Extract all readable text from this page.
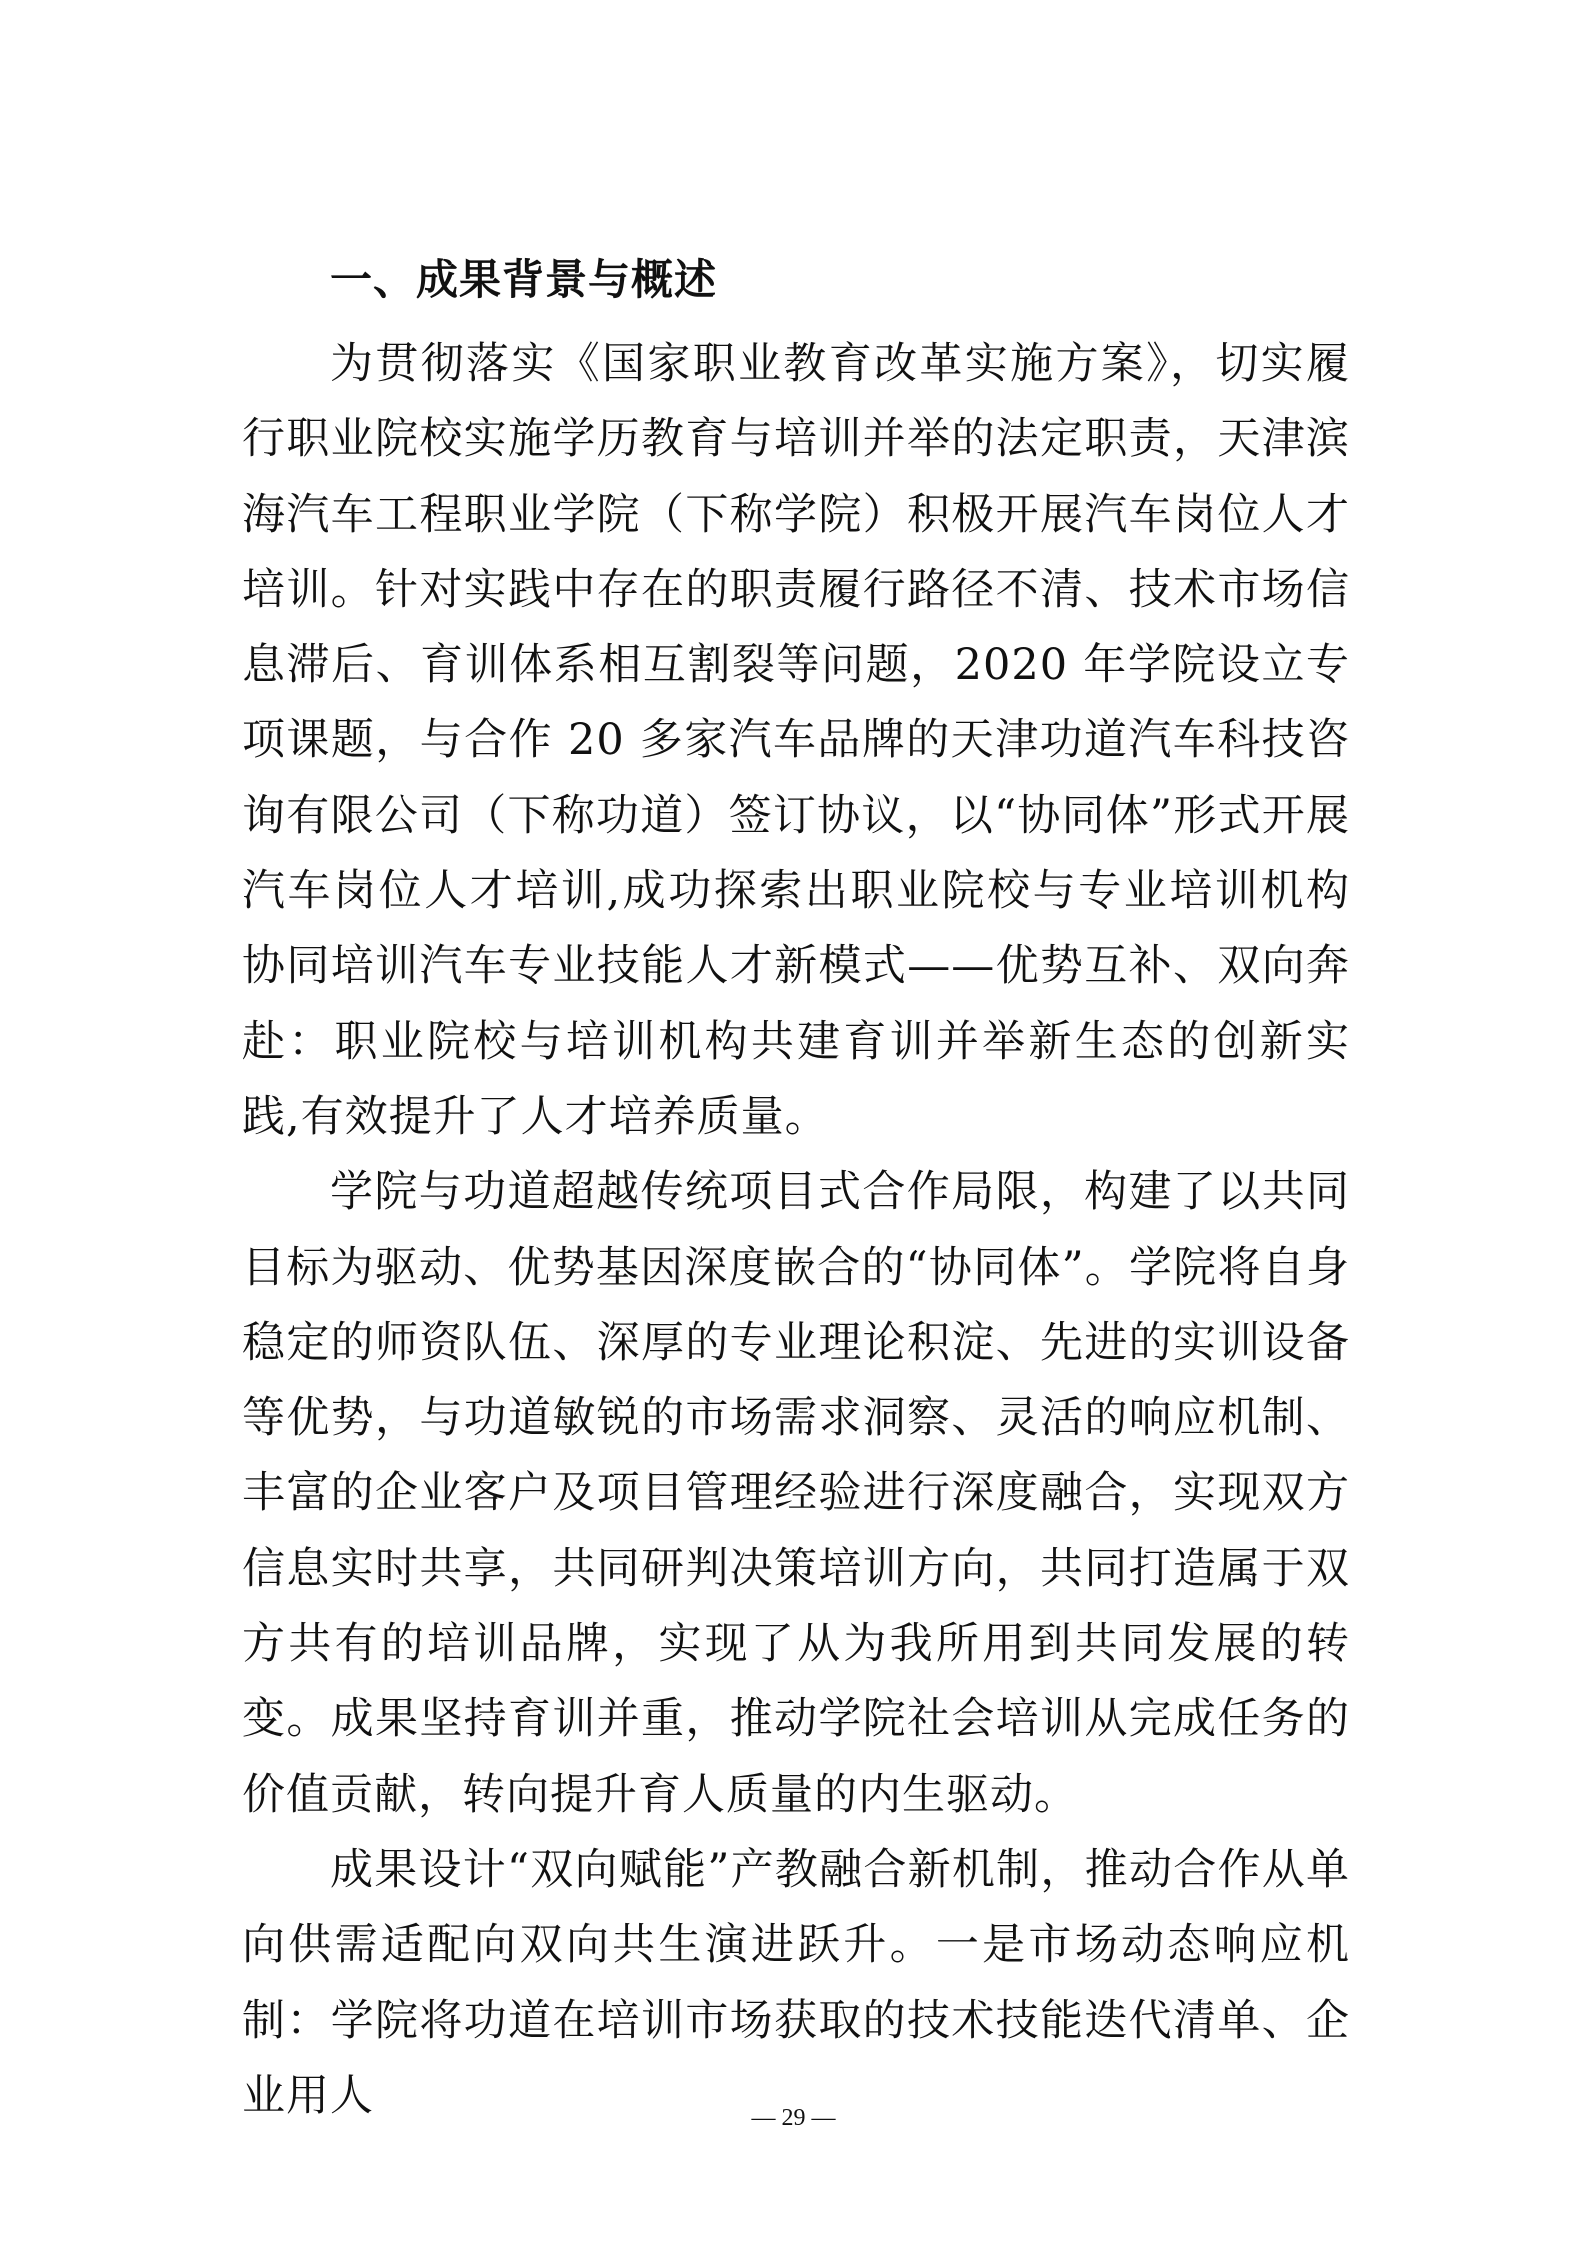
一、成果背景与概述

为贯彻落实《国家职业教育改革实施方案》，切实履行职业院校实施学历教育与培训并举的法定职责，天津滨海汽车工程职业学院（下称学院）积极开展汽车岗位人才培训。针对实践中存在的职责履行路径不清、技术市场信息滞后、育训体系相互割裂等问题，2020 年学院设立专项课题，与合作 20 多家汽车品牌的天津功道汽车科技咨询有限公司（下称功道）签订协议，以“协同体”形式开展汽车岗位人才培训,成功探索出职业院校与专业培训机构协同培训汽车专业技能人才新模式——优势互补、双向奔赴：职业院校与培训机构共建育训并举新生态的创新实践,有效提升了人才培养质量。

学院与功道超越传统项目式合作局限，构建了以共同目标为驱动、优势基因深度嵌合的“协同体”。学院将自身稳定的师资队伍、深厚的专业理论积淀、先进的实训设备等优势，与功道敏锐的市场需求洞察、灵活的响应机制、丰富的企业客户及项目管理经验进行深度融合，实现双方信息实时共享，共同研判决策培训方向，共同打造属于双方共有的培训品牌，实现了从为我所用到共同发展的转变。成果坚持育训并重，推动学院社会培训从完成任务的价值贡献，转向提升育人质量的内生驱动。

成果设计“双向赋能”产教融合新机制，推动合作从单向供需适配向双向共生演进跃升。一是市场动态响应机制：学院将功道在培训市场获取的技术技能迭代清单、企业用人	— 29 —
